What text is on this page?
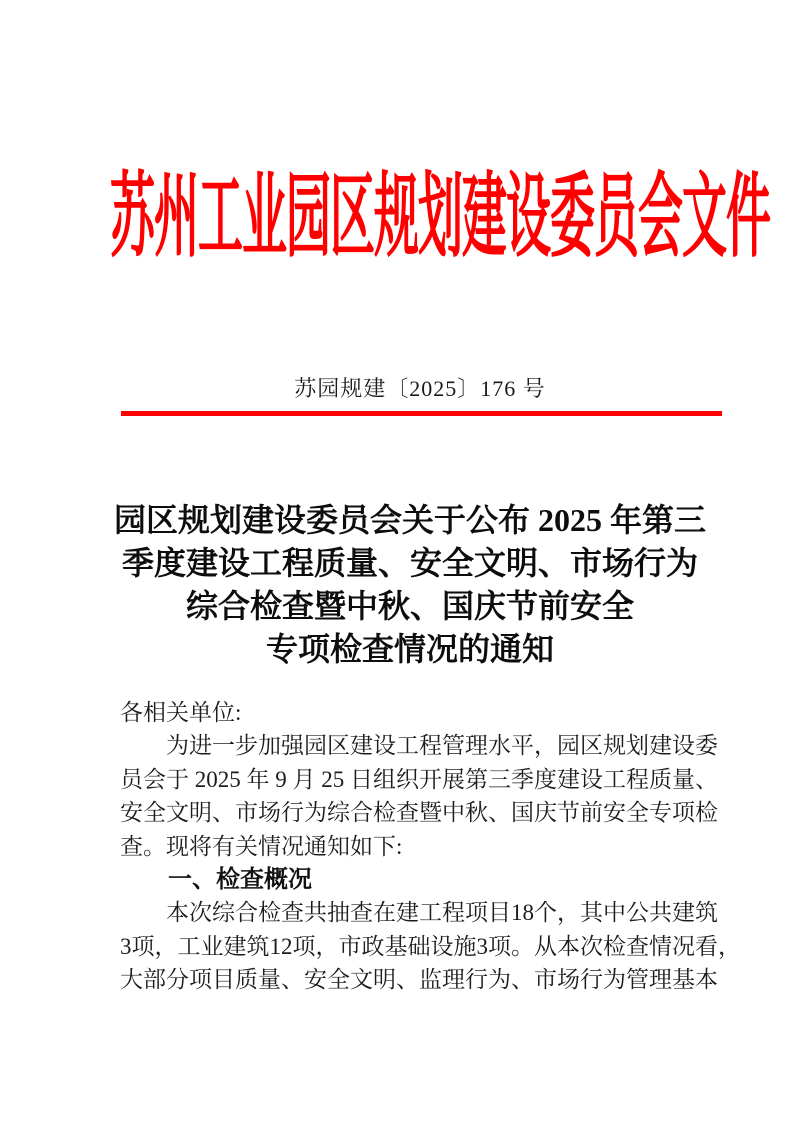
苏州工业园区规划建设委员会文件
苏园规建〔2025〕176 号
园区规划建设委员会关于公布 2025 年第三
季度建设工程质量、安全文明、市场行为
综合检查暨中秋、国庆节前安全
专项检查情况的通知
各相关单位:
为进一步加强园区建设工程管理水平，园区规划建设委
员会于 2025 年 9 月 25 日组织开展第三季度建设工程质量、
安全文明、市场行为综合检查暨中秋、国庆节前安全专项检
查。现将有关情况通知如下:
一、检查概况
本次综合检查共抽查在建工程项目18个，其中公共建筑
3项，工业建筑12项，市政基础设施3项。从本次检查情况看，
大部分项目质量、安全文明、监理行为、市场行为管理基本
